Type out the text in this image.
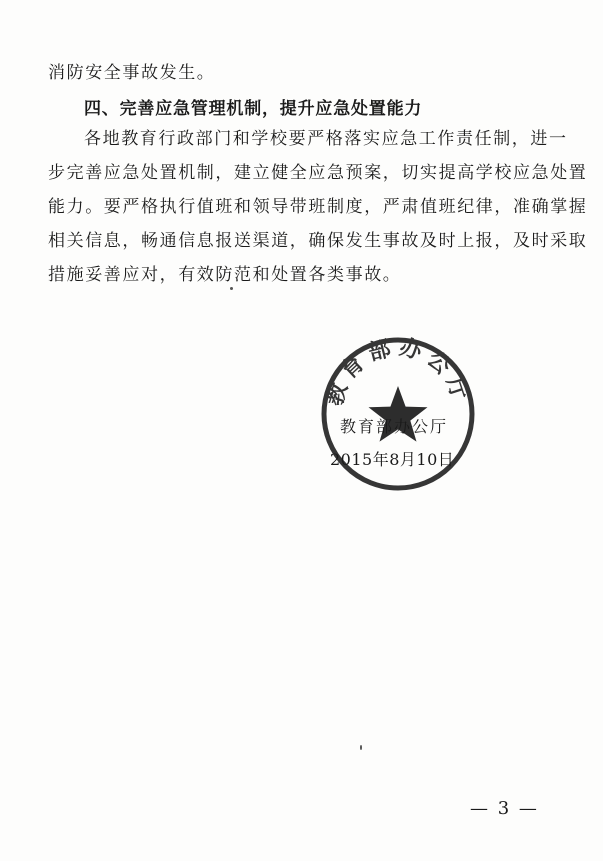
消防安全事故发生。
四、完善应急管理机制，提升应急处置能力
各地教育行政部门和学校要严格落实应急工作责任制，进一
步完善应急处置机制，建立健全应急预案，切实提高学校应急处置
能力。要严格执行值班和领导带班制度，严肃值班纪律，准确掌握
相关信息，畅通信息报送渠道，确保发生事故及时上报，及时采取
措施妥善应对，有效防范和处置各类事故。
教育部办公厅
教育部办公厅
2015年8月10日
— 3 —
